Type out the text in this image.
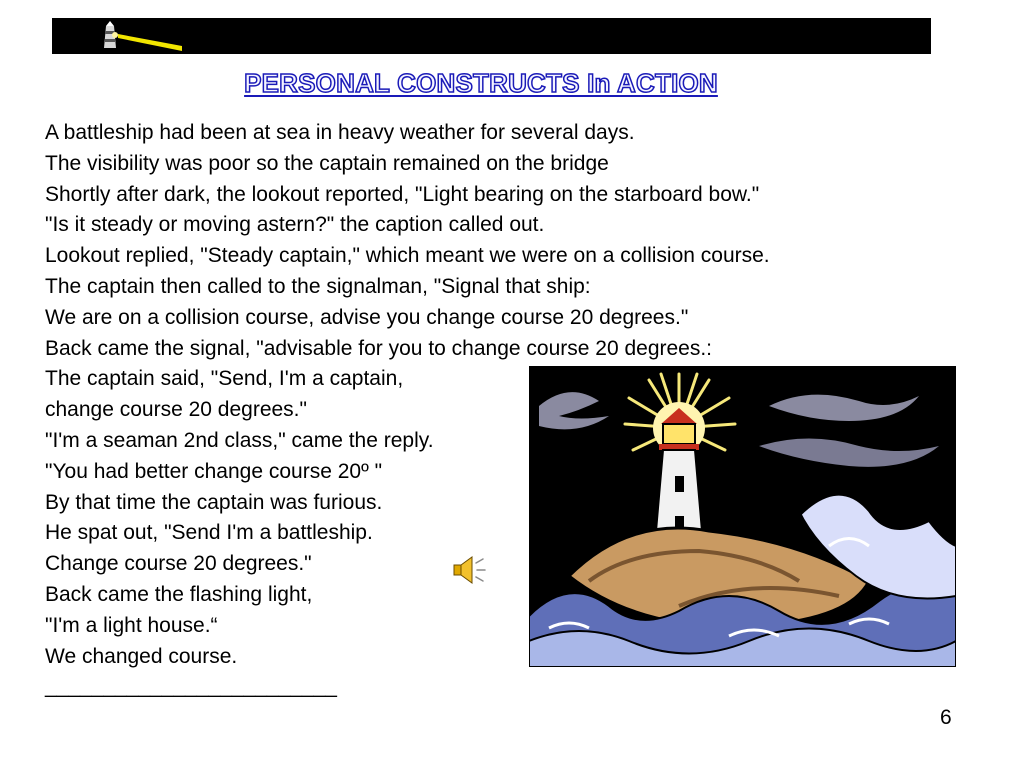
PERSONAL CONSTRUCTS In ACTION
A battleship had been at sea in heavy weather for several days.
The visibility was poor so the captain remained on the bridge
Shortly after dark, the lookout reported, "Light bearing on the starboard bow."
"Is it steady or moving astern?" the caption called out.
Lookout replied, "Steady captain," which meant we were on a collision course.
The captain then called to the signalman, "Signal that ship:
We are on a collision course, advise you change course 20 degrees."
Back came the signal, "advisable for you to change course 20 degrees.:
The captain said, "Send, I'm a captain,
change course 20 degrees."
"I'm a seaman 2nd class," came the reply.
"You had better change course 20º "
By that time the captain was furious.
He spat out, "Send I'm a battleship.
Change course 20 degrees."
Back came the flashing light,
"I'm a light house.“
We changed course.
_________________________
6
